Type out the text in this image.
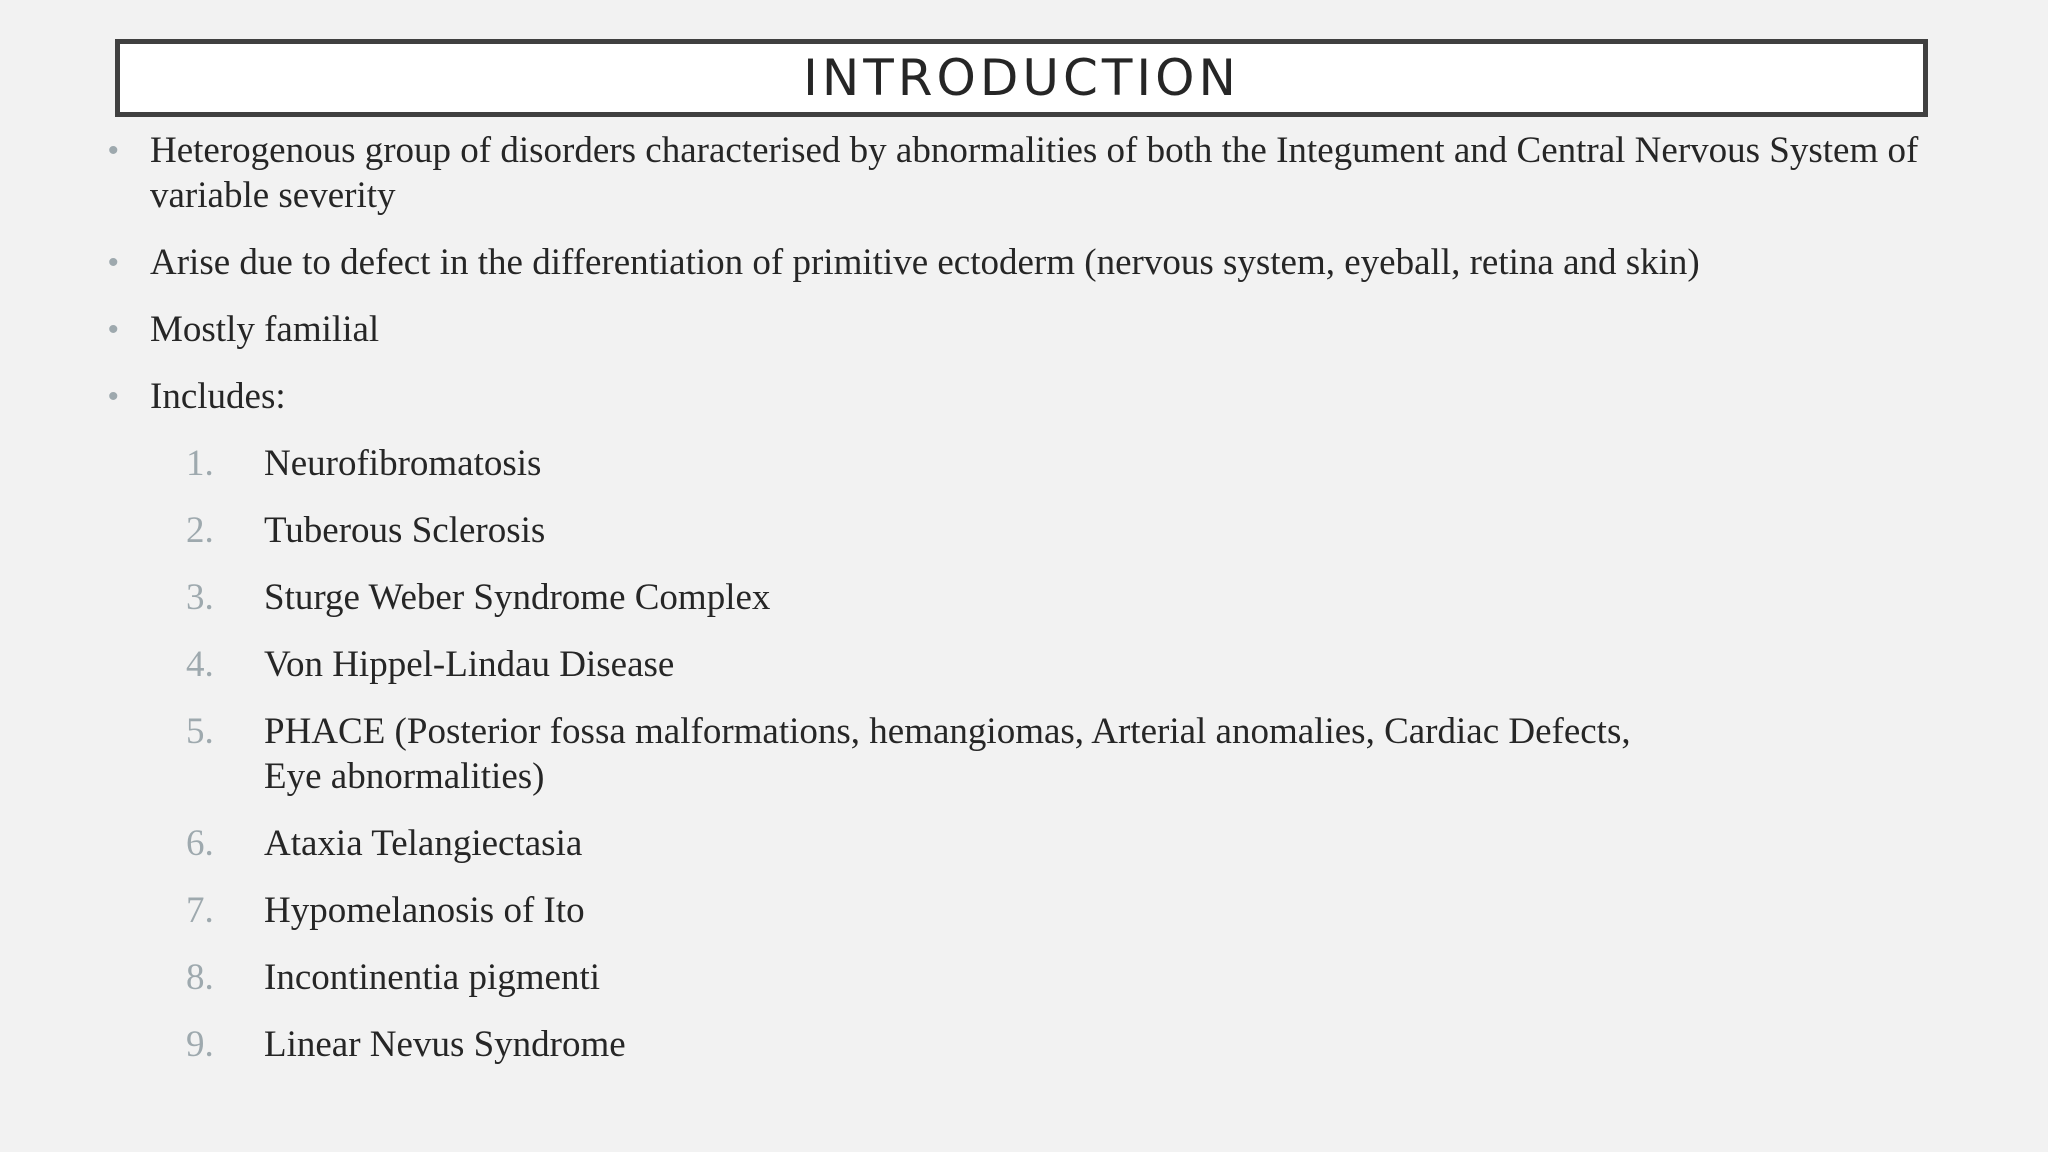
INTRODUCTION
• Heterogenous group of disorders characterised by abnormalities of both the Integument and Central Nervous System of variable severity
• Arise due to defect in the differentiation of primitive ectoderm (nervous system, eyeball, retina and skin)
• Mostly familial
• Includes:
1. Neurofibromatosis
2. Tuberous Sclerosis
3. Sturge Weber Syndrome Complex
4. Von Hippel-Lindau Disease
5. PHACE (Posterior fossa malformations, hemangiomas, Arterial anomalies, Cardiac Defects, Eye abnormalities)
6. Ataxia Telangiectasia
7. Hypomelanosis of Ito
8. Incontinentia pigmenti
9. Linear Nevus Syndrome
